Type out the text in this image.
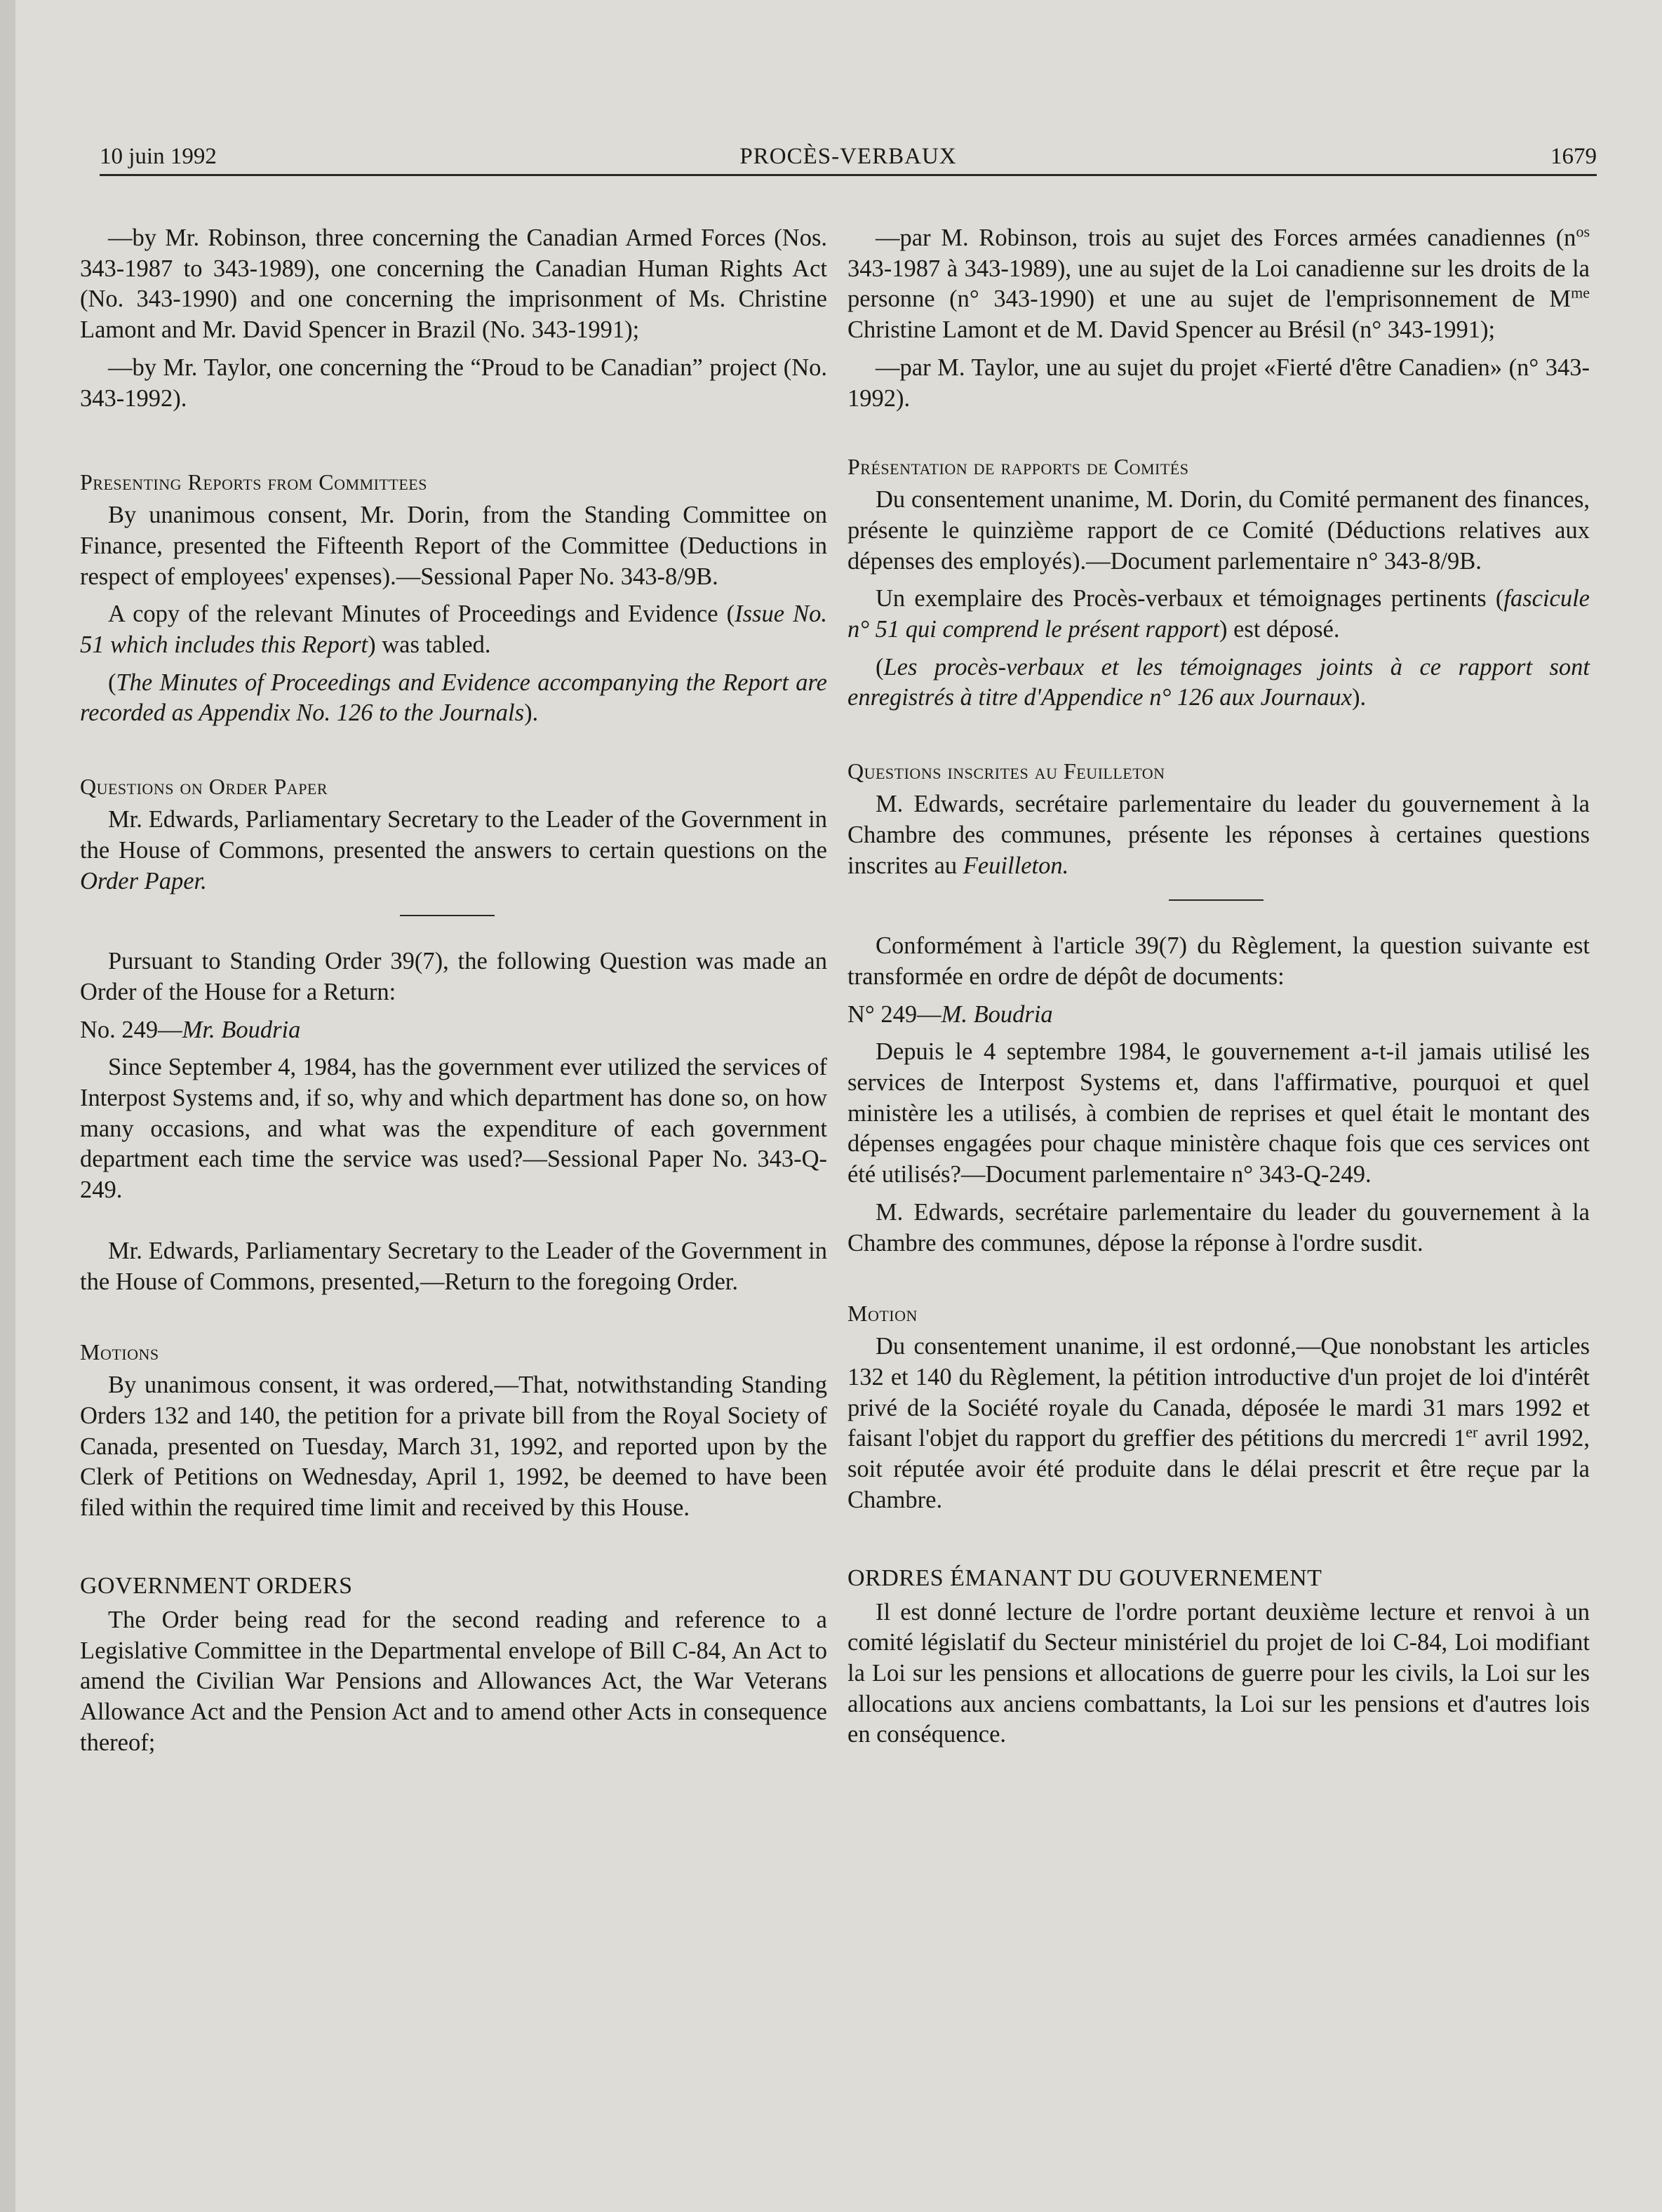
10 juin 1992	PROCÈS-VERBAUX	1679

—by Mr. Robinson, three concerning the Canadian Armed Forces (Nos. 343-1987 to 343-1989), one concerning the Canadian Human Rights Act (No. 343-1990) and one concerning the imprisonment of Ms. Christine Lamont and Mr. David Spencer in Brazil (No. 343-1991);

—by Mr. Taylor, one concerning the “Proud to be Canadian” project (No. 343-1992).

Presenting Reports from Committees

By unanimous consent, Mr. Dorin, from the Standing Committee on Finance, presented the Fifteenth Report of the Committee (Deductions in respect of employees' expenses).—Sessional Paper No. 343-8/9B.

A copy of the relevant Minutes of Proceedings and Evidence (Issue No. 51 which includes this Report) was tabled.

(The Minutes of Proceedings and Evidence accompanying the Report are recorded as Appendix No. 126 to the Journals).

Questions on Order Paper

Mr. Edwards, Parliamentary Secretary to the Leader of the Government in the House of Commons, presented the answers to certain questions on the Order Paper.

Pursuant to Standing Order 39(7), the following Question was made an Order of the House for a Return:

No. 249—Mr. Boudria

Since September 4, 1984, has the government ever utilized the services of Interpost Systems and, if so, why and which department has done so, on how many occasions, and what was the expenditure of each government department each time the service was used?—Sessional Paper No. 343-Q-249.

Mr. Edwards, Parliamentary Secretary to the Leader of the Government in the House of Commons, presented,—Return to the foregoing Order.

Motions

By unanimous consent, it was ordered,—That, notwithstanding Standing Orders 132 and 140, the petition for a private bill from the Royal Society of Canada, presented on Tuesday, March 31, 1992, and reported upon by the Clerk of Petitions on Wednesday, April 1, 1992, be deemed to have been filed within the required time limit and received by this House.

GOVERNMENT ORDERS

The Order being read for the second reading and reference to a Legislative Committee in the Departmental envelope of Bill C-84, An Act to amend the Civilian War Pensions and Allowances Act, the War Veterans Allowance Act and the Pension Act and to amend other Acts in consequence thereof;

—par M. Robinson, trois au sujet des Forces armées canadiennes ($n^{os}$ 343-1987 à 343-1989), une au sujet de la Loi canadienne sur les droits de la personne (n° 343-1990) et une au sujet de l'emprisonnement de $M^{me}$ Christine Lamont et de M. David Spencer au Brésil (n° 343-1991);

—par M. Taylor, une au sujet du projet «Fierté d'être Canadien» (n° 343-1992).

Présentation de rapports de Comités

Du consentement unanime, M. Dorin, du Comité permanent des finances, présente le quinzième rapport de ce Comité (Déductions relatives aux dépenses des employés).—Document parlementaire n° 343-8/9B.

Un exemplaire des Procès-verbaux et témoignages pertinents (fascicule n° 51 qui comprend le présent rapport) est déposé.

(Les procès-verbaux et les témoignages joints à ce rapport sont enregistrés à titre d'Appendice n° 126 aux Journaux).

Questions inscrites au Feuilleton

M. Edwards, secrétaire parlementaire du leader du gouvernement à la Chambre des communes, présente les réponses à certaines questions inscrites au Feuilleton.

Conformément à l'article 39(7) du Règlement, la question suivante est transformée en ordre de dépôt de documents:

N° 249—M. Boudria

Depuis le 4 septembre 1984, le gouvernement a-t-il jamais utilisé les services de Interpost Systems et, dans l'affirmative, pourquoi et quel ministère les a utilisés, à combien de reprises et quel était le montant des dépenses engagées pour chaque ministère chaque fois que ces services ont été utilisés?—Document parlementaire n° 343-Q-249.

M. Edwards, secrétaire parlementaire du leader du gouvernement à la Chambre des communes, dépose la réponse à l'ordre susdit.

Motion

Du consentement unanime, il est ordonné,—Que nonobstant les articles 132 et 140 du Règlement, la pétition introductive d'un projet de loi d'intérêt privé de la Société royale du Canada, déposée le mardi 31 mars 1992 et faisant l'objet du rapport du greffier des pétitions du mercredi 1er avril 1992, soit réputée avoir été produite dans le délai prescrit et être reçue par la Chambre.

ORDRES ÉMANANT DU GOUVERNEMENT

Il est donné lecture de l'ordre portant deuxième lecture et renvoi à un comité législatif du Secteur ministériel du projet de loi C-84, Loi modifiant la Loi sur les pensions et allocations de guerre pour les civils, la Loi sur les allocations aux anciens combattants, la Loi sur les pensions et d'autres lois en conséquence.
